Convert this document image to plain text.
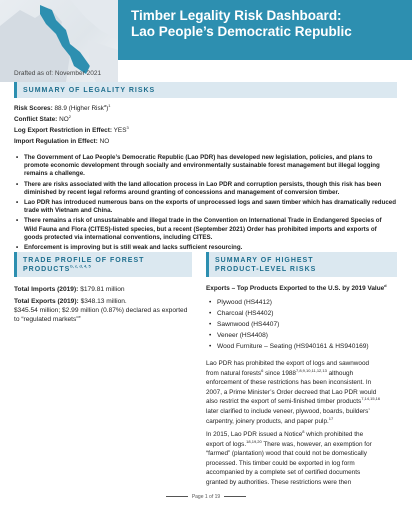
Timber Legality Risk Dashboard:
Lao People’s Democratic Republic

Drafted as of: November 2021

SUMMARY OF LEGALITY RISKS

Risk Scores: 88.9 (Higher Risk$^a$)$^1$

Conflict State: $NO^2$

Log Export Restriction in Effect: YES$^3$

Import Regulation in Effect: NO

• The Government of Lao People’s Democratic Republic (Lao PDR) has developed new legislation, policies, and plans to promote economic development through socially and environmentally sustainable forest management but illegal logging remains a challenge.
• There are risks associated with the land allocation process in Lao PDR and corruption persists, though this risk has been diminished by recent legal reforms around granting of concessions and management of conversion timber.
• Lao PDR has introduced numerous bans on the exports of unprocessed logs and sawn timber which has dramatically reduced trade with Vietnam and China.
• There remains a risk of unsustainable and illegal trade in the Convention on International Trade in Endangered Species of Wild Fauna and Flora (CITES)-listed species, but a recent (September 2021) Order has prohibited imports and exports of goods protected via international conventions, including CITES.
• Enforcement is improving but is still weak and lacks sufficient resourcing.
TRADE PROFILE OF FOREST
PRODUCTS$^{b, c, d, 4, 5}$

Total Imports (2019): $179.81 million

Total Exports (2019): $348.13 million.

$345.54 million; $2.99 million (0.87%) declared as exported to “regulated markets”$^e$

SUMMARY OF HIGHEST
PRODUCT-LEVEL RISKS

Exports – Top Products Exported to the U.S. by 2019 Value$^d$

• Plywood (HS4412)
• Charcoal (HS4402)
• Sawnwood (HS4407)
• Veneer (HS4408)
• Wood Furniture – Seating (HS940161 & HS940169)
Lao PDR has prohibited the export of logs and sawnwood
from natural forests$^6$ since 1988$^{7,8,9,10,11,12,13}$ although
enforcement of these restrictions has been inconsistent. In
2007, a Prime Minister’s Order decreed that Lao PDR would
also restrict the export of semi-finished timber products$^{7,14,15,16}$
later clarified to include veneer, plywood, boards, builders’
carpentry, joinery products, and paper pulp.$^{17}$
In 2015, Lao PDR issued a Notice$^8$ which prohibited the
export of logs.$^{18,19,20}$ There was, however, an exemption for
“farmed” (plantation) wood that could not be domestically
processed. This timber could be exported in log form
accompanied by a complete set of certified documents
granted by authorities. These restrictions were then
Page 1 of 19
